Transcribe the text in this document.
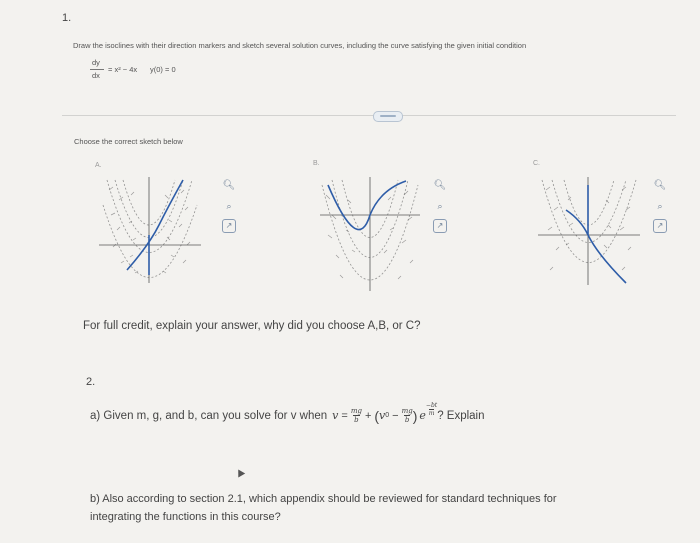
1.
Draw the isoclines with their direction markers and sketch several solution curves, including the curve satisfying the given initial condition
dy
dx
= x² − 4x y(0) = 0
Choose the correct sketch below
A.
🔍︎
⌕
↗
B.
🔍︎
⌕
↗
C.
🔍︎
⌕
↗
For full credit, explain your answer, why did you choose A,B, or C?
2.
a) Given m, g, and b, can you solve for v when $v = \frac{mg}{b}$ + ( v $0 - \frac{mg}{b}$ ) e
−bt
m ? Explain
b) Also according to section 2.1, which appendix should be reviewed for standard techniques for
integrating the functions in this course?
